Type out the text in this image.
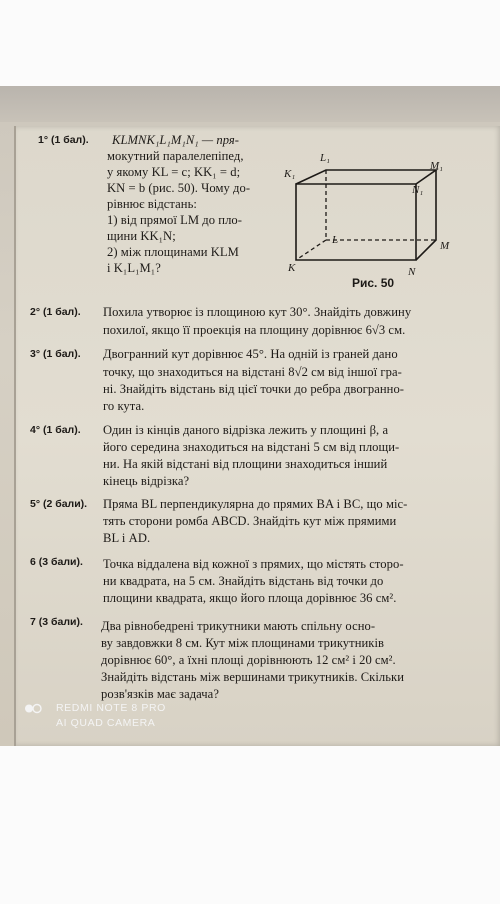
1° (1 бал). KLMNK₁L₁M₁N₁ — пря-
мокутний паралелепіпед,
у якому KL = c; KK₁ = d;
KN = b (рис. 50). Чому до-
рівнює відстань:
1) від прямої LM до пло-
щини KK₁N;
2) між площинами KLM
і K₁L₁M₁?
L₁
M₁
K₁
N₁
L	M
K	N
Рис. 50
2° (1 бал). Похила утворює із площиною кут 30°. Знайдіть довжину
похилої, якщо її проекція на площину дорівнює 6√3 см.
3° (1 бал). Двогранний кут дорівнює 45°. На одній із граней дано
точку, що знаходиться на відстані 8√2 см від іншої гра-
ні. Знайдіть відстань від цієї точки до ребра двогранно-
го кута.
4° (1 бал). Один із кінців даного відрізка лежить у площині β, а
його середина знаходиться на відстані 5 см від площи-
ни. На якій відстані від площини знаходиться інший
кінець відрізка?
5° (2 бали). Пряма BL перпендикулярна до прямих BA і BC, що міс-
тять сторони ромба ABCD. Знайдіть кут між прямими
BL і AD.
6 (3 бали). Точка віддалена від кожної з прямих, що містять сторо-
ни квадрата, на 5 см. Знайдіть відстань від точки до
площини квадрата, якщо його площа дорівнює 36 см².
7 (3 бали). Два рівнобедрені трикутники мають спільну осно-
ву завдовжки 8 см. Кут між площинами трикутників
дорівнює 60°, а їхні площі дорівнюють 12 см² і 20 см².
Знайдіть відстань між вершинами трикутників. Скільки
розв'язків має задача?
REDMI NOTE 8 PRO
AI QUAD CAMERA
